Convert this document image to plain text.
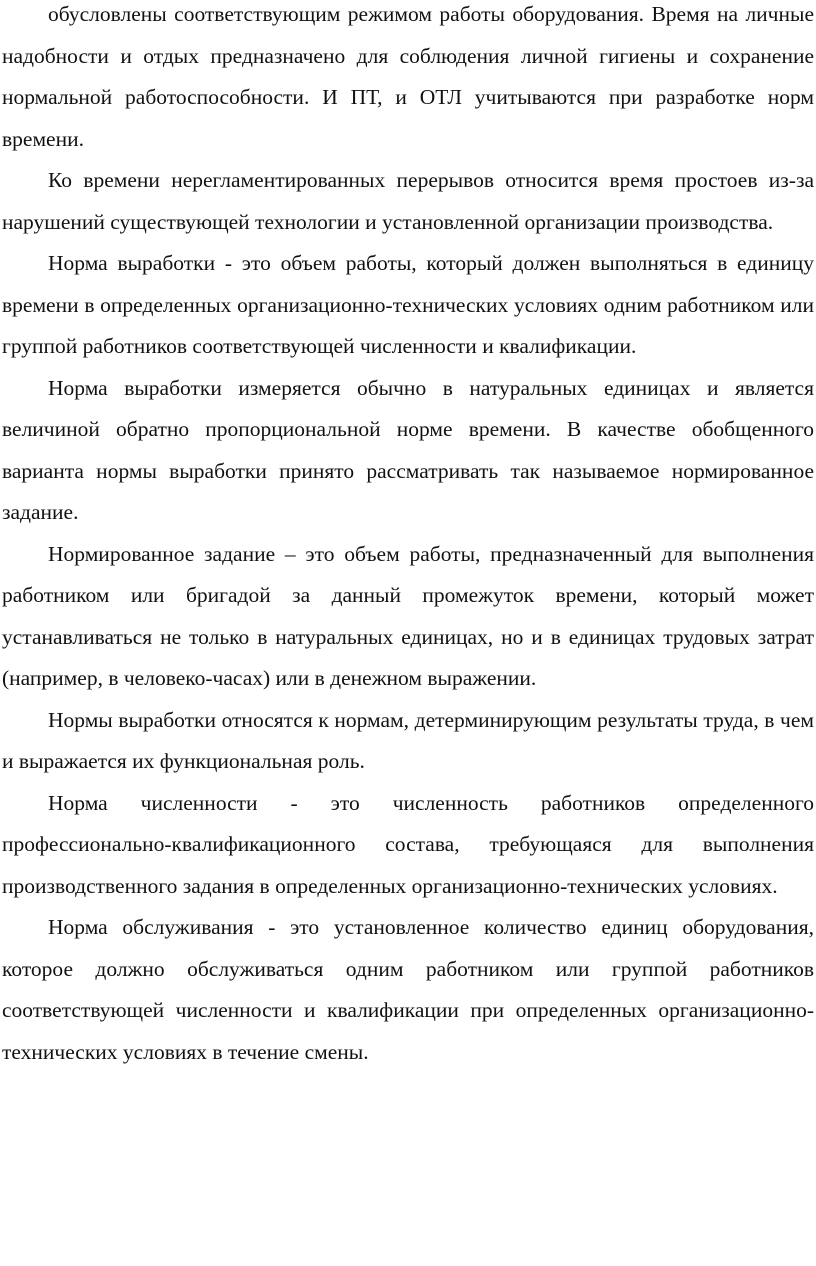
обусловлены соответствующим режимом работы оборудования. Время на личные надобности и отдых предназначено для соблюдения личной гигиены и сохранение нормальной работоспособности. И ПТ, и ОТЛ учитываются при разработке норм времени.

Ко времени нерегламентированных перерывов относится время простоев из-за нарушений существующей технологии и установленной организации производства.

Норма выработки - это объем работы, который должен выполняться в единицу времени в определенных организационно-технических условиях одним работником или группой работников соответствующей численности и квалификации.

Норма выработки измеряется обычно в натуральных единицах и является величиной обратно пропорциональной норме времени. В качестве обобщенного варианта нормы выработки принято рассматривать так называемое нормированное задание.

Нормированное задание – это объем работы, предназначенный для выполнения работником или бригадой за данный промежуток времени, который может устанавливаться не только в натуральных единицах, но и в единицах трудовых затрат (например, в человеко-часах) или в денежном выражении.

Нормы выработки относятся к нормам, детерминирующим результаты труда, в чем и выражается их функциональная роль.

Норма численности - это численность работников определенного профессионально-квалификационного состава, требующаяся для выполнения производственного задания в определенных организационно-технических условиях.

Норма обслуживания - это установленное количество единиц оборудования, которое должно обслуживаться одним работником или группой работников соответствующей численности и квалификации при определенных организационно-технических условиях в течение смены.
